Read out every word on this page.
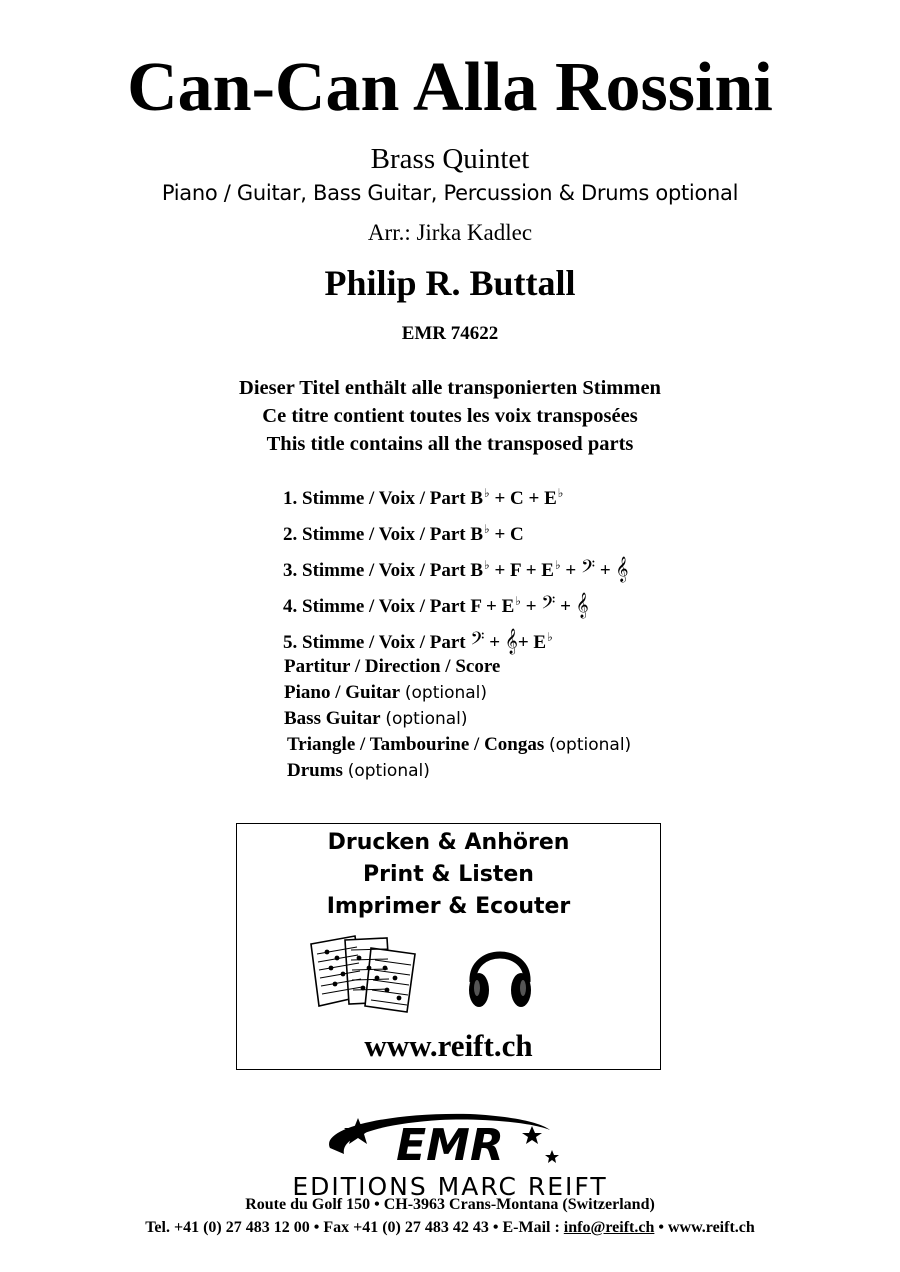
Can-Can Alla Rossini
Brass Quintet
Piano / Guitar, Bass Guitar, Percussion & Drums optional
Arr.: Jirka Kadlec
Philip R. Buttall
EMR 74622
Dieser Titel enthält alle transponierten Stimmen
Ce titre contient toutes les voix transposées
This title contains all the transposed parts
1. Stimme / Voix / Part B♭ + C + E♭
2. Stimme / Voix / Part B♭ + C
3. Stimme / Voix / Part B♭ + F + E♭ + 𝄢 + 𝄞
4. Stimme / Voix / Part F + E♭ + 𝄢 + 𝄞
5. Stimme / Voix / Part 𝄢 + 𝄞+ E♭
Partitur / Direction / Score
Piano / Guitar (optional)
Bass Guitar (optional)
Triangle / Tambourine / Congas (optional)
Drums (optional)
Drucken & Anhören
Print & Listen
Imprimer & Ecouter
www.reift.ch
EMR
EDITIONS MARC REIFT
Route du Golf 150 • CH-3963 Crans-Montana (Switzerland)
Tel. +41 (0) 27 483 12 00 • Fax +41 (0) 27 483 42 43 • E-Mail : info@reift.ch • www.reift.ch
